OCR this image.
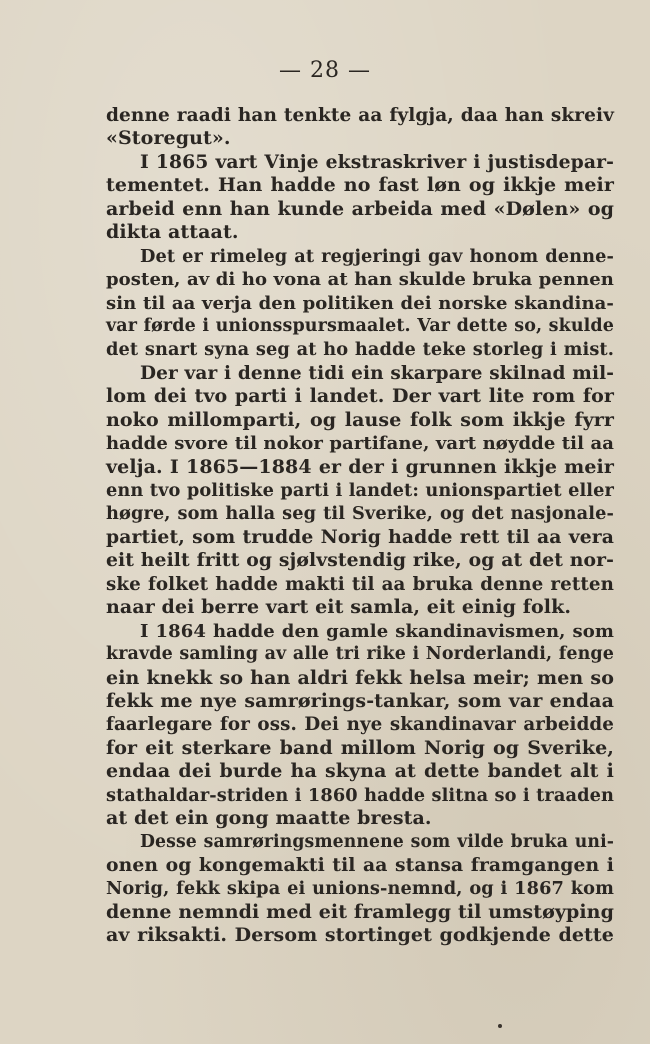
— 28 —
denne raadi han tenkte aa fylgja, daa han skreiv
«Storegut».
I 1865 vart Vinje ekstraskriver i justisdepar-
tementet. Han hadde no fast løn og ikkje meir
arbeid enn han kunde arbeida med «Dølen» og
dikta attaat.
Det er rimeleg at regjeringi gav honom denne-
posten, av di ho vona at han skulde bruka pennen
sin til aa verja den politiken dei norske skandina-
var førde i unionsspursmaalet. Var dette so, skulde
det snart syna seg at ho hadde teke storleg i mist.
Der var i denne tidi ein skarpare skilnad mil-
lom dei tvo parti i landet. Der vart lite rom for
noko millomparti, og lause folk som ikkje fyrr
hadde svore til nokor partifane, vart nøydde til aa
velja. I 1865—1884 er der i grunnen ikkje meir
enn tvo politiske parti i landet: unionspartiet eller
høgre, som halla seg til Sverike, og det nasjonale-
partiet, som trudde Norig hadde rett til aa vera
eit heilt fritt og sjølvstendig rike, og at det nor-
ske folket hadde makti til aa bruka denne retten
naar dei berre vart eit samla, eit einig folk.
I 1864 hadde den gamle skandinavismen, som
kravde samling av alle tri rike i Norderlandi, fenge
ein knekk so han aldri fekk helsa meir; men so
fekk me nye samrørings-tankar, som var endaa
faarlegare for oss. Dei nye skandinavar arbeidde
for eit sterkare band millom Norig og Sverike,
endaa dei burde ha skyna at dette bandet alt i
stathaldar-striden i 1860 hadde slitna so i traaden
at det ein gong maatte bresta.
Desse samrøringsmennene som vilde bruka uni-
onen og kongemakti til aa stansa framgangen i
Norig, fekk skipa ei unions-nemnd, og i 1867 kom
denne nemndi med eit framlegg til umstøyping
av riksakti. Dersom stortinget godkjende dette
